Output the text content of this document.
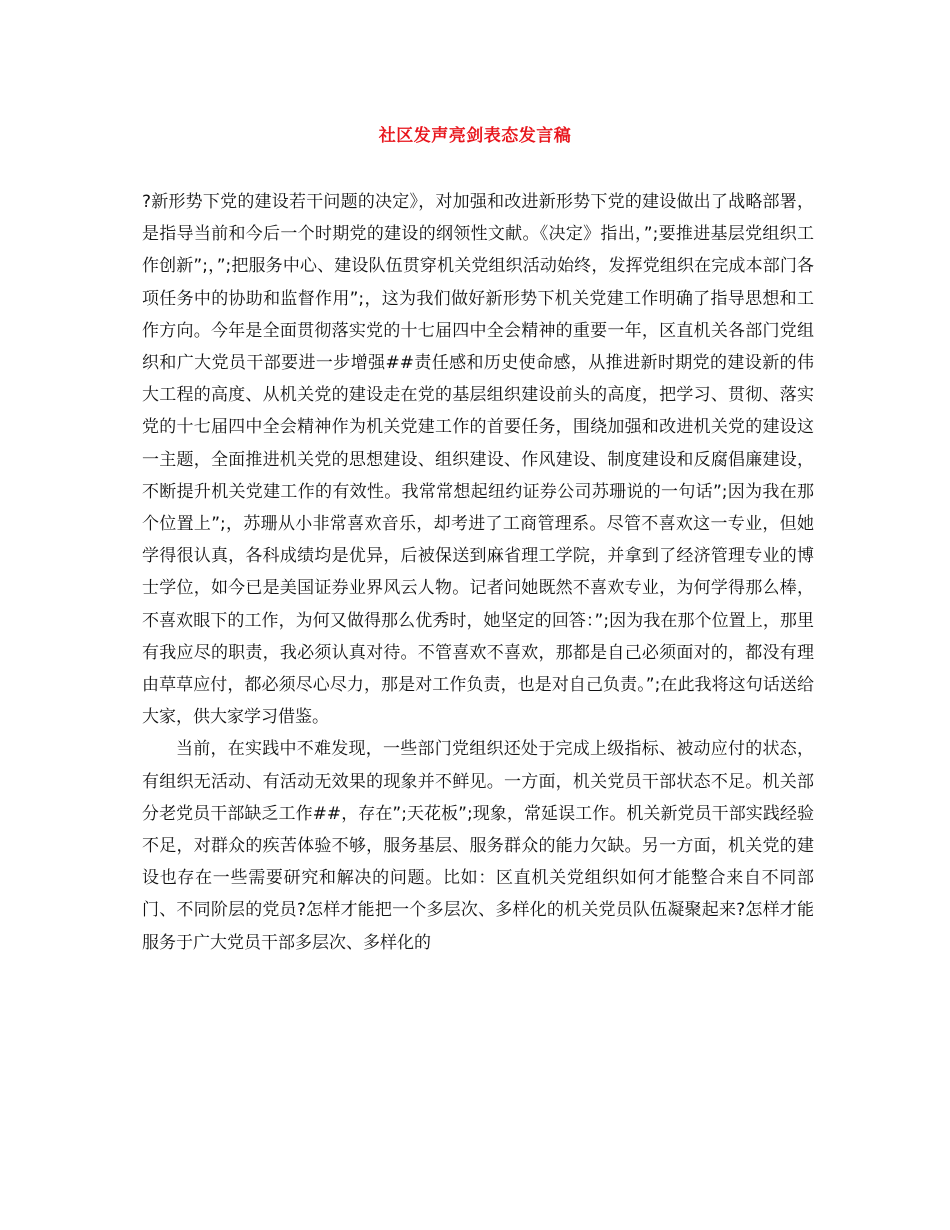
社区发声亮剑表态发言稿

?新形势下党的建设若干问题的决定》，对加强和改进新形势下党的建设做出了战略部署，是指导当前和今后一个时期党的建设的纲领性文献。《决定》指出，”;要推进基层党组织工作创新”;，”;把服务中心、建设队伍贯穿机关党组织活动始终，发挥党组织在完成本部门各项任务中的协助和监督作用”;，这为我们做好新形势下机关党建工作明确了指导思想和工作方向。今年是全面贯彻落实党的十七届四中全会精神的重要一年，区直机关各部门党组织和广大党员干部要进一步增强##责任感和历史使命感，从推进新时期党的建设新的伟大工程的高度、从机关党的建设走在党的基层组织建设前头的高度，把学习、贯彻、落实党的十七届四中全会精神作为机关党建工作的首要任务，围绕加强和改进机关党的建设这一主题，全面推进机关党的思想建设、组织建设、作风建设、制度建设和反腐倡廉建设，不断提升机关党建工作的有效性。我常常想起纽约证券公司苏珊说的一句话”;因为我在那个位置上”;，苏珊从小非常喜欢音乐，却考进了工商管理系。尽管不喜欢这一专业，但她学得很认真，各科成绩均是优异，后被保送到麻省理工学院，并拿到了经济管理专业的博士学位，如今已是美国证券业界风云人物。记者问她既然不喜欢专业，为何学得那么棒，不喜欢眼下的工作，为何又做得那么优秀时，她坚定的回答：”;因为我在那个位置上，那里有我应尽的职责，我必须认真对待。不管喜欢不喜欢，那都是自己必须面对的，都没有理由草草应付，都必须尽心尽力，那是对工作负责，也是对自己负责。”;在此我将这句话送给大家，供大家学习借鉴。

当前，在实践中不难发现，一些部门党组织还处于完成上级指标、被动应付的状态，有组织无活动、有活动无效果的现象并不鲜见。一方面，机关党员干部状态不足。机关部分老党员干部缺乏工作##，存在”;天花板”;现象，常延误工作。机关新党员干部实践经验不足，对群众的疾苦体验不够，服务基层、服务群众的能力欠缺。另一方面，机关党的建设也存在一些需要研究和解决的问题。比如：区直机关党组织如何才能整合来自不同部门、不同阶层的党员?怎样才能把一个多层次、多样化的机关党员队伍凝聚起来?怎样才能服务于广大党员干部多层次、多样化的
